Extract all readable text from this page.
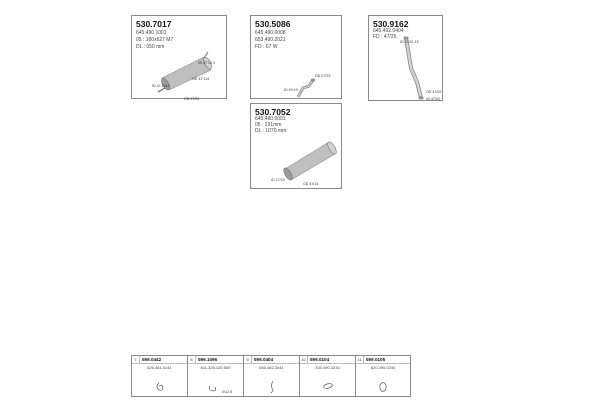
OD 47 114
OD 07/24
ID 47 1314
00 47 14 3
530.7017
645.490.1001
05 : 160x627 M7
DL : 050 mm
ID 49 19
OD 07/23
530.5086
645.490.0008
653.490.2021
FD : 67 W
ID 47/41 15
OD 47/02
00 47/02
530.9162
645.492.0404
FD : 47/35
ID 17/43
OD 47/14
530.7052
645.490.0001
05 : 231mm
DL : 1070 mm
7	599.0442
620.481.0141
8	599.1096
611.326.126 500
0/12 5
9	599.0404
653.462.3441
10 599.0104
330.490.3234
11 599.0105
620.490.0234
